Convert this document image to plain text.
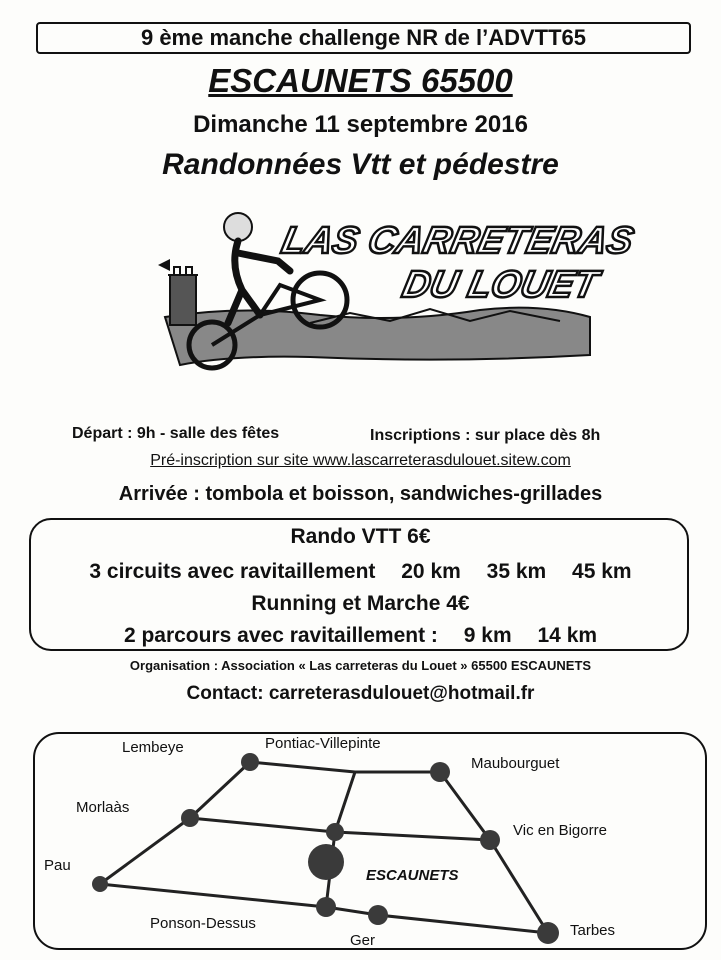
9 ème manche challenge NR de l’ADVTT65
ESCAUNETS 65500
Dimanche 11 septembre 2016
Randonnées Vtt et pédestre
LAS CARRETERAS
DU LOUET
Départ : 9h - salle des fêtes	Inscriptions : sur place dès 8h
Pré-inscription sur site www.lascarreterasdulouet.sitew.com
Arrivée : tombola et boisson, sandwiches-grillades
Rando VTT 6€
3 circuits avec ravitaillement 20 km 35 km 45 km
Running et Marche 4€
2 parcours avec ravitaillement : 9 km 14 km
Organisation : Association « Las carreteras du Louet » 65500 ESCAUNETS
Contact: carreterasdulouet@hotmail.fr
Lembeye	Pontiac-Villepinte
Maubourguet
Morlaàs
Vic en Bigorre
Pau
ESCAUNETS
Ponson-Dessus
Ger
Tarbes
